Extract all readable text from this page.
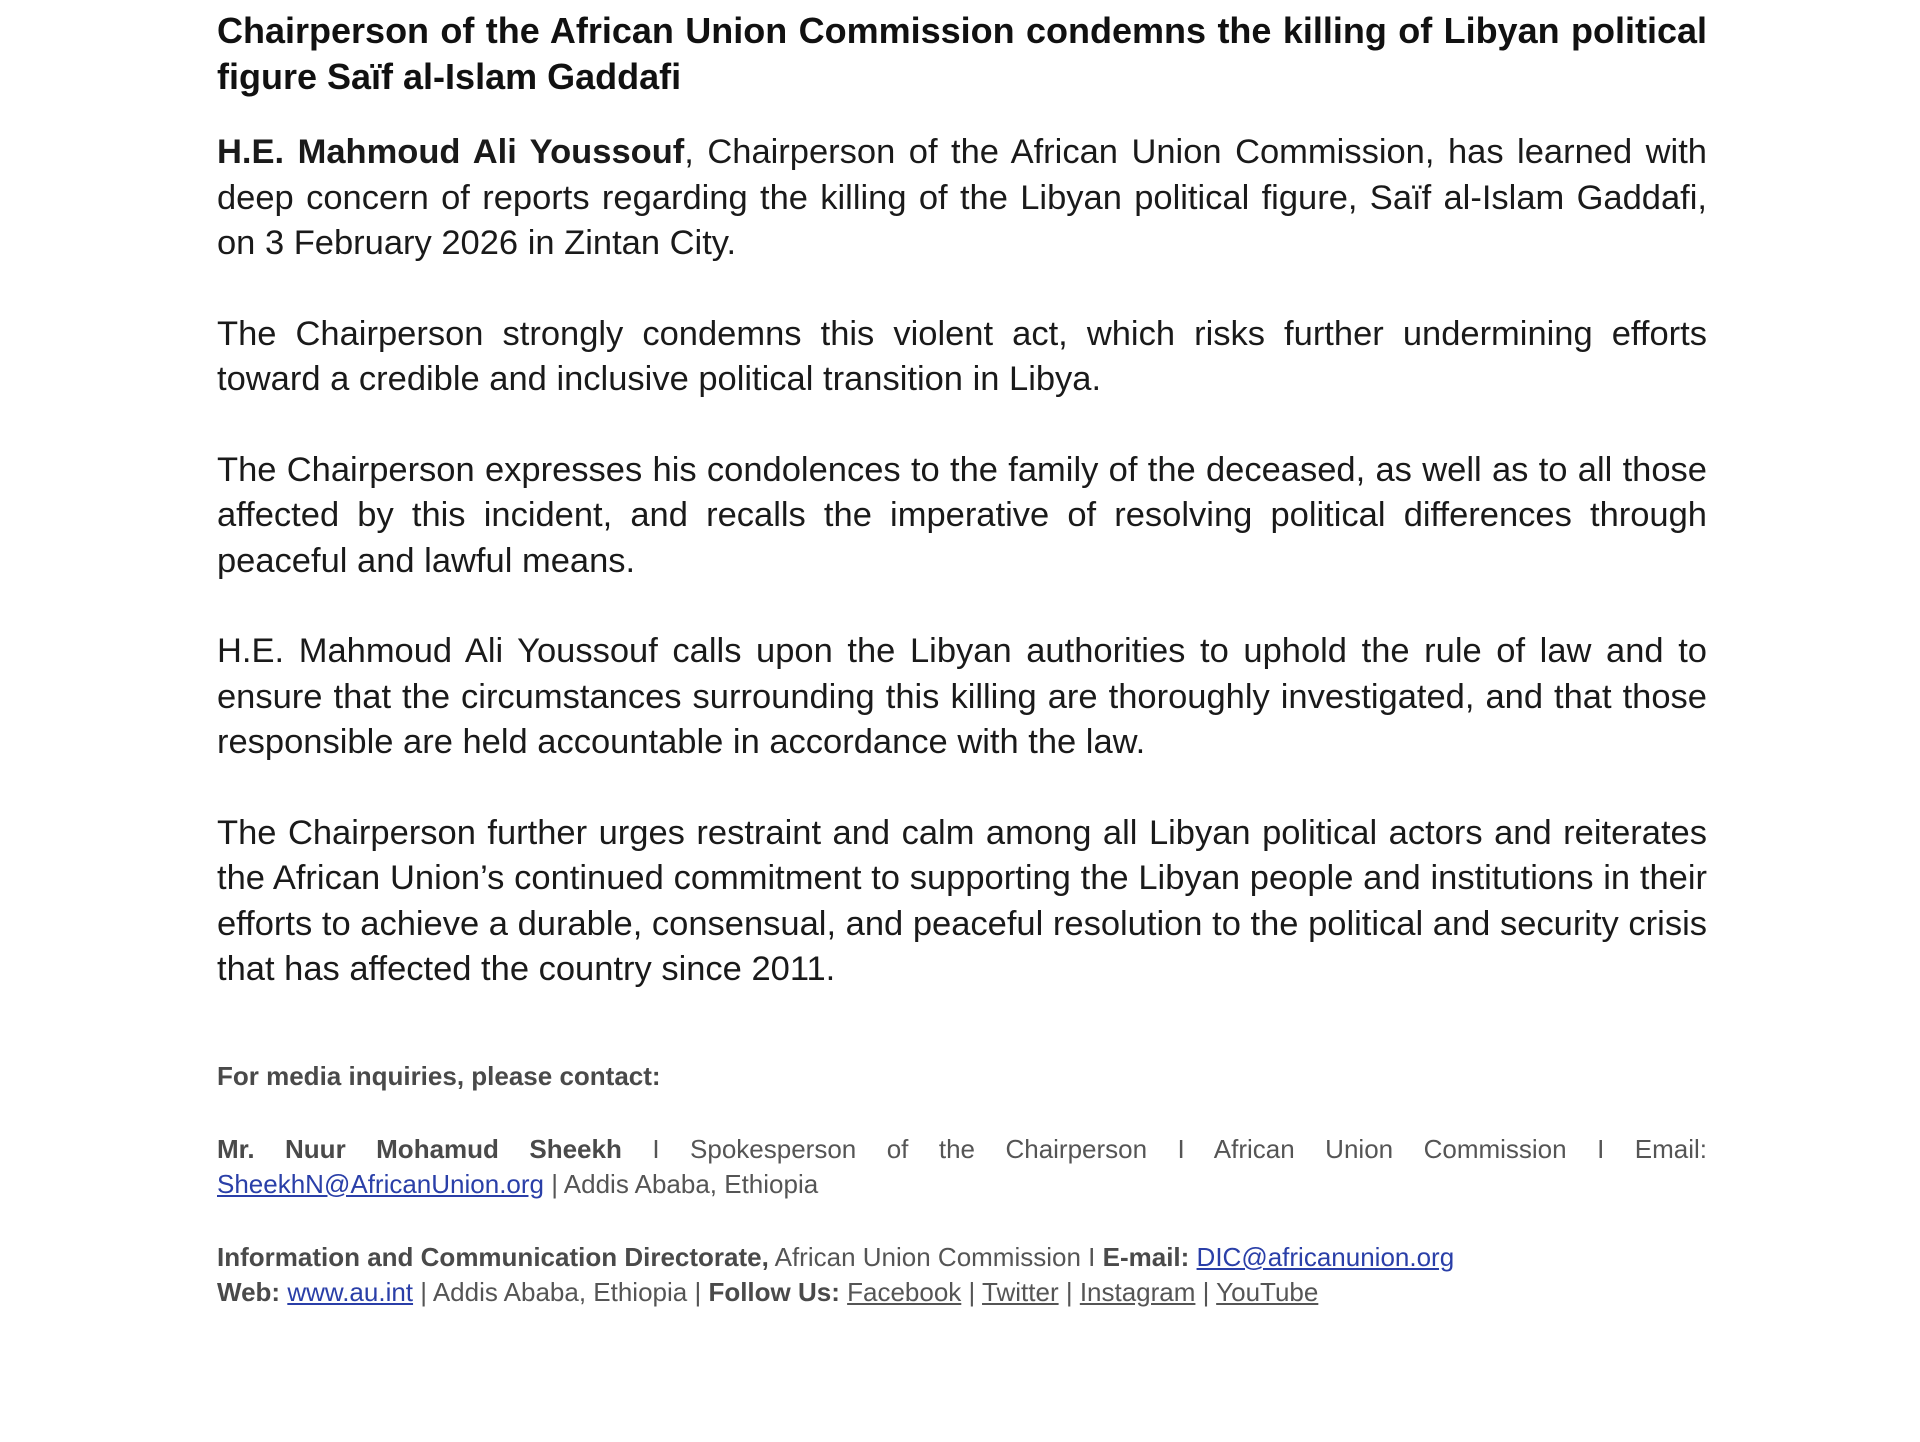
Chairperson of the African Union Commission condemns the killing of Libyan political figure Saïf al-Islam Gaddafi
H.E. Mahmoud Ali Youssouf, Chairperson of the African Union Commission, has learned with deep concern of reports regarding the killing of the Libyan political figure, Saïf al-Islam Gaddafi, on 3 February 2026 in Zintan City.
The Chairperson strongly condemns this violent act, which risks further undermining efforts toward a credible and inclusive political transition in Libya.
The Chairperson expresses his condolences to the family of the deceased, as well as to all those affected by this incident, and recalls the imperative of resolving political differences through peaceful and lawful means.
H.E. Mahmoud Ali Youssouf calls upon the Libyan authorities to uphold the rule of law and to ensure that the circumstances surrounding this killing are thoroughly investigated, and that those responsible are held accountable in accordance with the law.
The Chairperson further urges restraint and calm among all Libyan political actors and reiterates the African Union’s continued commitment to supporting the Libyan people and institutions in their efforts to achieve a durable, consensual, and peaceful resolution to the political and security crisis that has affected the country since 2011.
For media inquiries, please contact:
Mr. Nuur Mohamud Sheekh I Spokesperson of the Chairperson I African Union Commission I Email: SheekhN@AfricanUnion.org | Addis Ababa, Ethiopia
Information and Communication Directorate, African Union Commission I E-mail: DIC@africanunion.org
Web: www.au.int | Addis Ababa, Ethiopia | Follow Us: Facebook | Twitter | Instagram | YouTube
